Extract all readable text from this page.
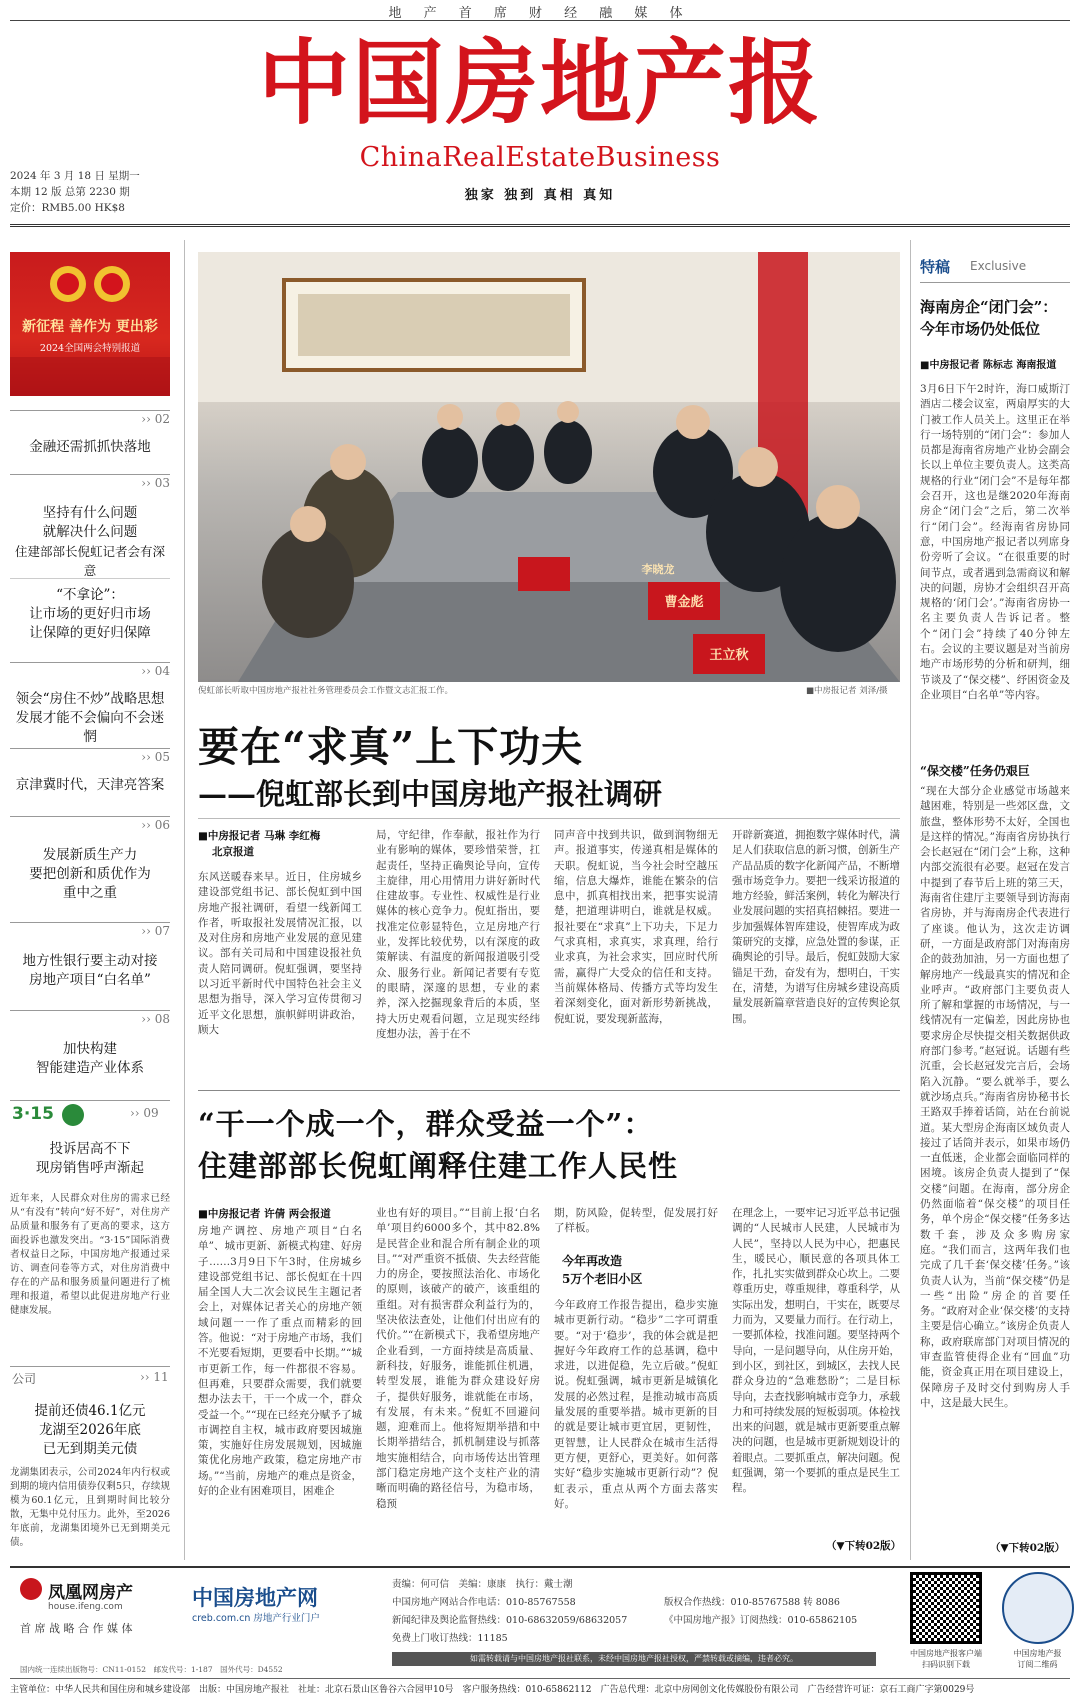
地 产 首 席 财 经 融 媒 体
中国房地产报
ChinaRealEstateBusiness
独家 独到 真相 真知
2024 年 3 月 18 日 星期一
本期 12 版 总第 2230 期
定价：RMB5.00 HK$8
新征程 善作为 更出彩
2024全国两会特别报道
›› 02
金融还需抓抓快落地
›› 03
坚持有什么问题
就解决什么问题
住建部部长倪虹记者会有深意
“不拿论”：
让市场的更好归市场
让保障的更好归保障
›› 04
领会“房住不炒”战略思想
发展才能不会偏向不会迷惘
›› 05
京津冀时代，天津亮答案
›› 06
发展新质生产力
要把创新和质优作为
重中之重
›› 07
地方性银行要主动对接
房地产项目“白名单”
›› 08
加快构建
智能建造产业体系
3·15	›› 09
投诉居高不下
现房销售呼声渐起
近年来，人民群众对住房的需求已经从“有没有”转向“好不好”，对住房产品质量和服务有了更高的要求，这方面投诉也激发突出。“3·15”国际消费者权益日之际，中国房地产报通过采访、调查问卷等方式，对住房消费中存在的产品和服务质量问题进行了梳理和报道，希望以此促进房地产行业健康发展。
公司	›› 11
提前还债46.1亿元
龙湖至2026年底
已无到期美元债
龙湖集团表示，公司2024年内行权或到期的境内信用债券仅剩5只，存续规模为60.1亿元，且到期时间比较分散，无集中兑付压力。此外，至2026年底前，龙湖集团境外已无到期美元债。
李晓龙
曹金彪
王立秋
倪虹部长听取中国房地产报社社务管理委员会工作暨文志汇报工作。	■中房报记者 刘泽/摄
要在“求真”上下功夫
——倪虹部长到中国房地产报社调研
■中房报记者 马琳 李红梅
北京报道
东风送暖春来早。近日，住房城乡建设部党组书记、部长倪虹到中国房地产报社调研，看望一线新闻工作者，听取报社发展情况汇报，以及对住房和房地产业发展的意见建议。部有关司局和中国建设报社负责人陪同调研。倪虹强调，要坚持以习近平新时代中国特色社会主义思想为指导，深入学习宣传贯彻习近平文化思想，旗帜鲜明讲政治，顾大
局，守纪律，作奉献，报社作为行业有影响的媒体，要珍惜荣誉，扛起责任，坚持正确舆论导向，宣传主旋律，用心用情用力讲好新时代住建故事。专业性、权威性是行业媒体的核心竞争力。倪虹指出，要找准定位彰显特色，立足房地产行业，发挥比较优势，以有深度的政策解读、有温度的新闻报道吸引受众、服务行业。新闻记者要有专览的眼睛，深邃的思想，专业的素养，深入挖掘现象背后的本质，坚持大历史观看问题，立足现实经纬度想办法，善于在不
同声音中找到共识，做到润物细无声。报道事实，传递真相是媒体的天职。倪虹说，当今社会时空越压缩，信息大爆炸，谁能在繁杂的信息中，抓真相找出来，把事实说清楚，把道理讲明白，谁就是权威。报社要在“求真”上下功夫，下足力气求真相，求真实，求真理，给行业求真，为社会求实，回应时代所需，赢得广大受众的信任和支持。当前媒体格局、传播方式等均发生着深刻变化，面对新形势新挑战，倪虹说，要发现新蓝海，
开辟新赛道，拥抱数字媒体时代，满足人们获取信息的新习惯，创新生产产品品质的数字化新闻产品，不断增强市场竞争力。要把一线采访报道的地方经验，鲜活案例，转化为解决行业发展问题的实招真招棘招。要进一步加强媒体智库建设，使智库成为政策研究的支撑，应急处置的参谋，正确舆论的引导。最后，倪虹鼓励大家锚足干劲，奋发有为，想明白，干实在，清楚，为谱写住房城乡建设高质量发展新篇章营造良好的宣传舆论氛围。
“干一个成一个，群众受益一个”：
住建部部长倪虹阐释住建工作人民性
■中房报记者 许倩 两会报道
房地产调控、房地产项目“白名单”、城市更新、新模式构建、好房子……3月9日下午3时，住房城乡建设部党组书记、部长倪虹在十四届全国人大二次会议民生主题记者会上，对媒体记者关心的房地产领域问题一一作了重点而精彩的回答。他说：“对于房地产市场，我们不光要看短期，更要看中长期。”“城市更新工作，每一件都很不容易。但再难，只要群众需要，我们就要想办法去干，干一个成一个，群众受益一个。”“现在已经充分赋予了城市调控自主权，城市政府要因城施策，实施好住房发展规划，因城施策优化房地产政策，稳定房地产市场。”“当前，房地产的难点是资金，好的企业有困难项目，困难企
业也有好的项目。”“目前上报‘白名单’项目约6000多个，其中82.8%是民营企业和混合所有制企业的项目。”“对严重资不抵债、失去经营能力的房企，要按照法治化、市场化的原则，该破产的破产，该重组的重组。对有损害群众利益行为的，坚决依法查处，让他们付出应有的代价。”“在新模式下，我希望房地产企业看到，一方面持续是高质量、新科技，好服务，谁能抓住机遇，转型发展，谁能为群众建设好房子，提供好服务，谁就能在市场，有发展，有未来。”倪虹不回避问题，迎难而上。他将短期举措和中长期举措结合，抓机制建设与抓落地实施相结合，向市场传达出管理部门稳定房地产这个支柱产业的清晰而明确的路径信号，为稳市场，稳预
期，防风险，促转型，促发展打好了样板。
今年再改造
5万个老旧小区
今年政府工作报告提出，稳步实施城市更新行动。“稳步”二字可谓重要。“对于‘稳步’，我的体会就是把握好今年政府工作的总基调，稳中求进，以进促稳，先立后破。”倪虹说。倪虹强调，城市更新是城镇化发展的必然过程，是推动城市高质量发展的重要举措。城市更新的目的就是要让城市更宜居，更韧性，更智慧，让人民群众在城市生活得更方便，更舒心，更美好。如何落实好“稳步实施城市更新行动”？倪虹表示，重点从两个方面去落实好。
在理念上，一要牢记习近平总书记强调的“人民城市人民建，人民城市为人民”，坚持以人民为中心，把惠民生，暖民心，顺民意的各项具体工作，扎扎实实做到群众心坎上。二要尊重历史，尊重规律，尊重科学，从实际出发，想明白，干实在，既要尽力而为，又要量力而行。在行动上，一要抓体检，找准问题。要坚持两个导向，一是问题导向，从住房开始，到小区，到社区，到城区，去找人民群众身边的“急难愁盼”；二是目标导向，去查找影响城市竞争力，承载力和可持续发展的短板弱项。体检找出来的问题，就是城市更新要重点解决的问题，也是城市更新规划设计的着眼点。二要抓重点，解决问题。倪虹强调，第一个要抓的重点是民生工程。
（▼下转02版）
特稿 Exclusive
海南房企“闭门会”：
今年市场仍处低位
■中房报记者 陈标志 海南报道
3月6日下午2时许，海口威斯汀酒店二楼会议室，两扇厚实的大门被工作人员关上。这里正在举行一场特别的“闭门会”：参加人员都是海南省房地产业协会副会长以上单位主要负责人。这类高规格的行业“闭门会”不是每年都会召开，这也是继2020年海南房企“闭门会”之后，第二次举行“闭门会”。经海南省房协同意，中国房地产报记者以列席身份旁听了会议。“在很重要的时间节点，或者遇到急需商议和解决的问题，房协才会组织召开高规格的‘闭门会’。”海南省房协一名主要负责人告诉记者。整个“闭门会”持续了40分钟左右。会议的主要议题是对当前房地产市场形势的分析和研判，细节谈及了“保交楼”、纾困资金及企业项目“白名单”等内容。
“保交楼”任务仍艰巨
“现在大部分企业感觉市场越来越困难，特别是一些郊区盘，文旅盘，整体形势不太好，全国也是这样的情况。”海南省房协执行会长赵冠在“闭门会”上称，这种内部交流很有必要。赵冠在发言中提到了春节后上班的第三天，海南省住建厅主要领导到访海南省房协，并与海南房企代表进行了座谈。他认为，这次走访调研，一方面是政府部门对海南房企的鼓劲加油，另一方面也想了解房地产一线最真实的情况和企业呼声。“政府部门主要负责人所了解和掌握的市场情况，与一线情况有一定偏差，因此房协也要求房企尽快提交相关数据供政府部门参考。”赵冠说。话题有些沉重，会长赵冠发完言后，会场陷入沉静。“要么就举手，要么就沙场点兵。”海南省房协秘书长王路双手捧着话筒，站在台前说道。某大型房企海南区域负责人接过了话筒并表示，如果市场仍一直低迷，企业都会面临同样的困境。该房企负责人提到了“保交楼”问题。在海南，部分房企仍然面临着“保交楼”的项目任务，单个房企“保交楼”任务多达数千套，涉及众多购房家庭。“我们而言，这两年我们也完成了几千套‘保交楼’任务。”该负责人认为，当前“保交楼”仍是一些“出险”房企的首要任务。“政府对企业‘保交楼’的支持主要是信心确立。”该房企负责人称，政府联席部门对项目情况的审查监管使得企业有“回血”功能，资金真正用在项目建设上，保障房子及时交付到购房人手中，这是最大民生。
（▼下转02版）
凤凰网房产
house.ifeng.com
首 席 战 略 合 作 媒 体
中国房地产网
creb.com.cn 房地产行业门户
责编：何可信　美编：康康　执行：戴士潮
中国房地产网站合作电话：010-85767558
新闻纪律及舆论监督热线：010-68632059/68632057
免费上门收订热线：11185
版权合作热线：010-85767588 转 8086
《中国房地产报》订阅热线：010-65862105
如需转载请与中国房地产报社联系，未经中国房地产报社授权，严禁转载或摘编，违者必究。
中国房地产报客户端
扫码识别下载
中国房地产报
订阅二维码
国内统一连续出版物号：CN11-0152　邮发代号：1-187　国外代号：D4552
主管单位：中华人民共和国住房和城乡建设部　出版：中国房地产报社　社址：北京石景山区鲁谷六合园甲10号　客户服务热线：010-65862112　广告总代理：北京中房网创文化传媒股份有限公司　广告经营许可证：京石工商广字第0029号
